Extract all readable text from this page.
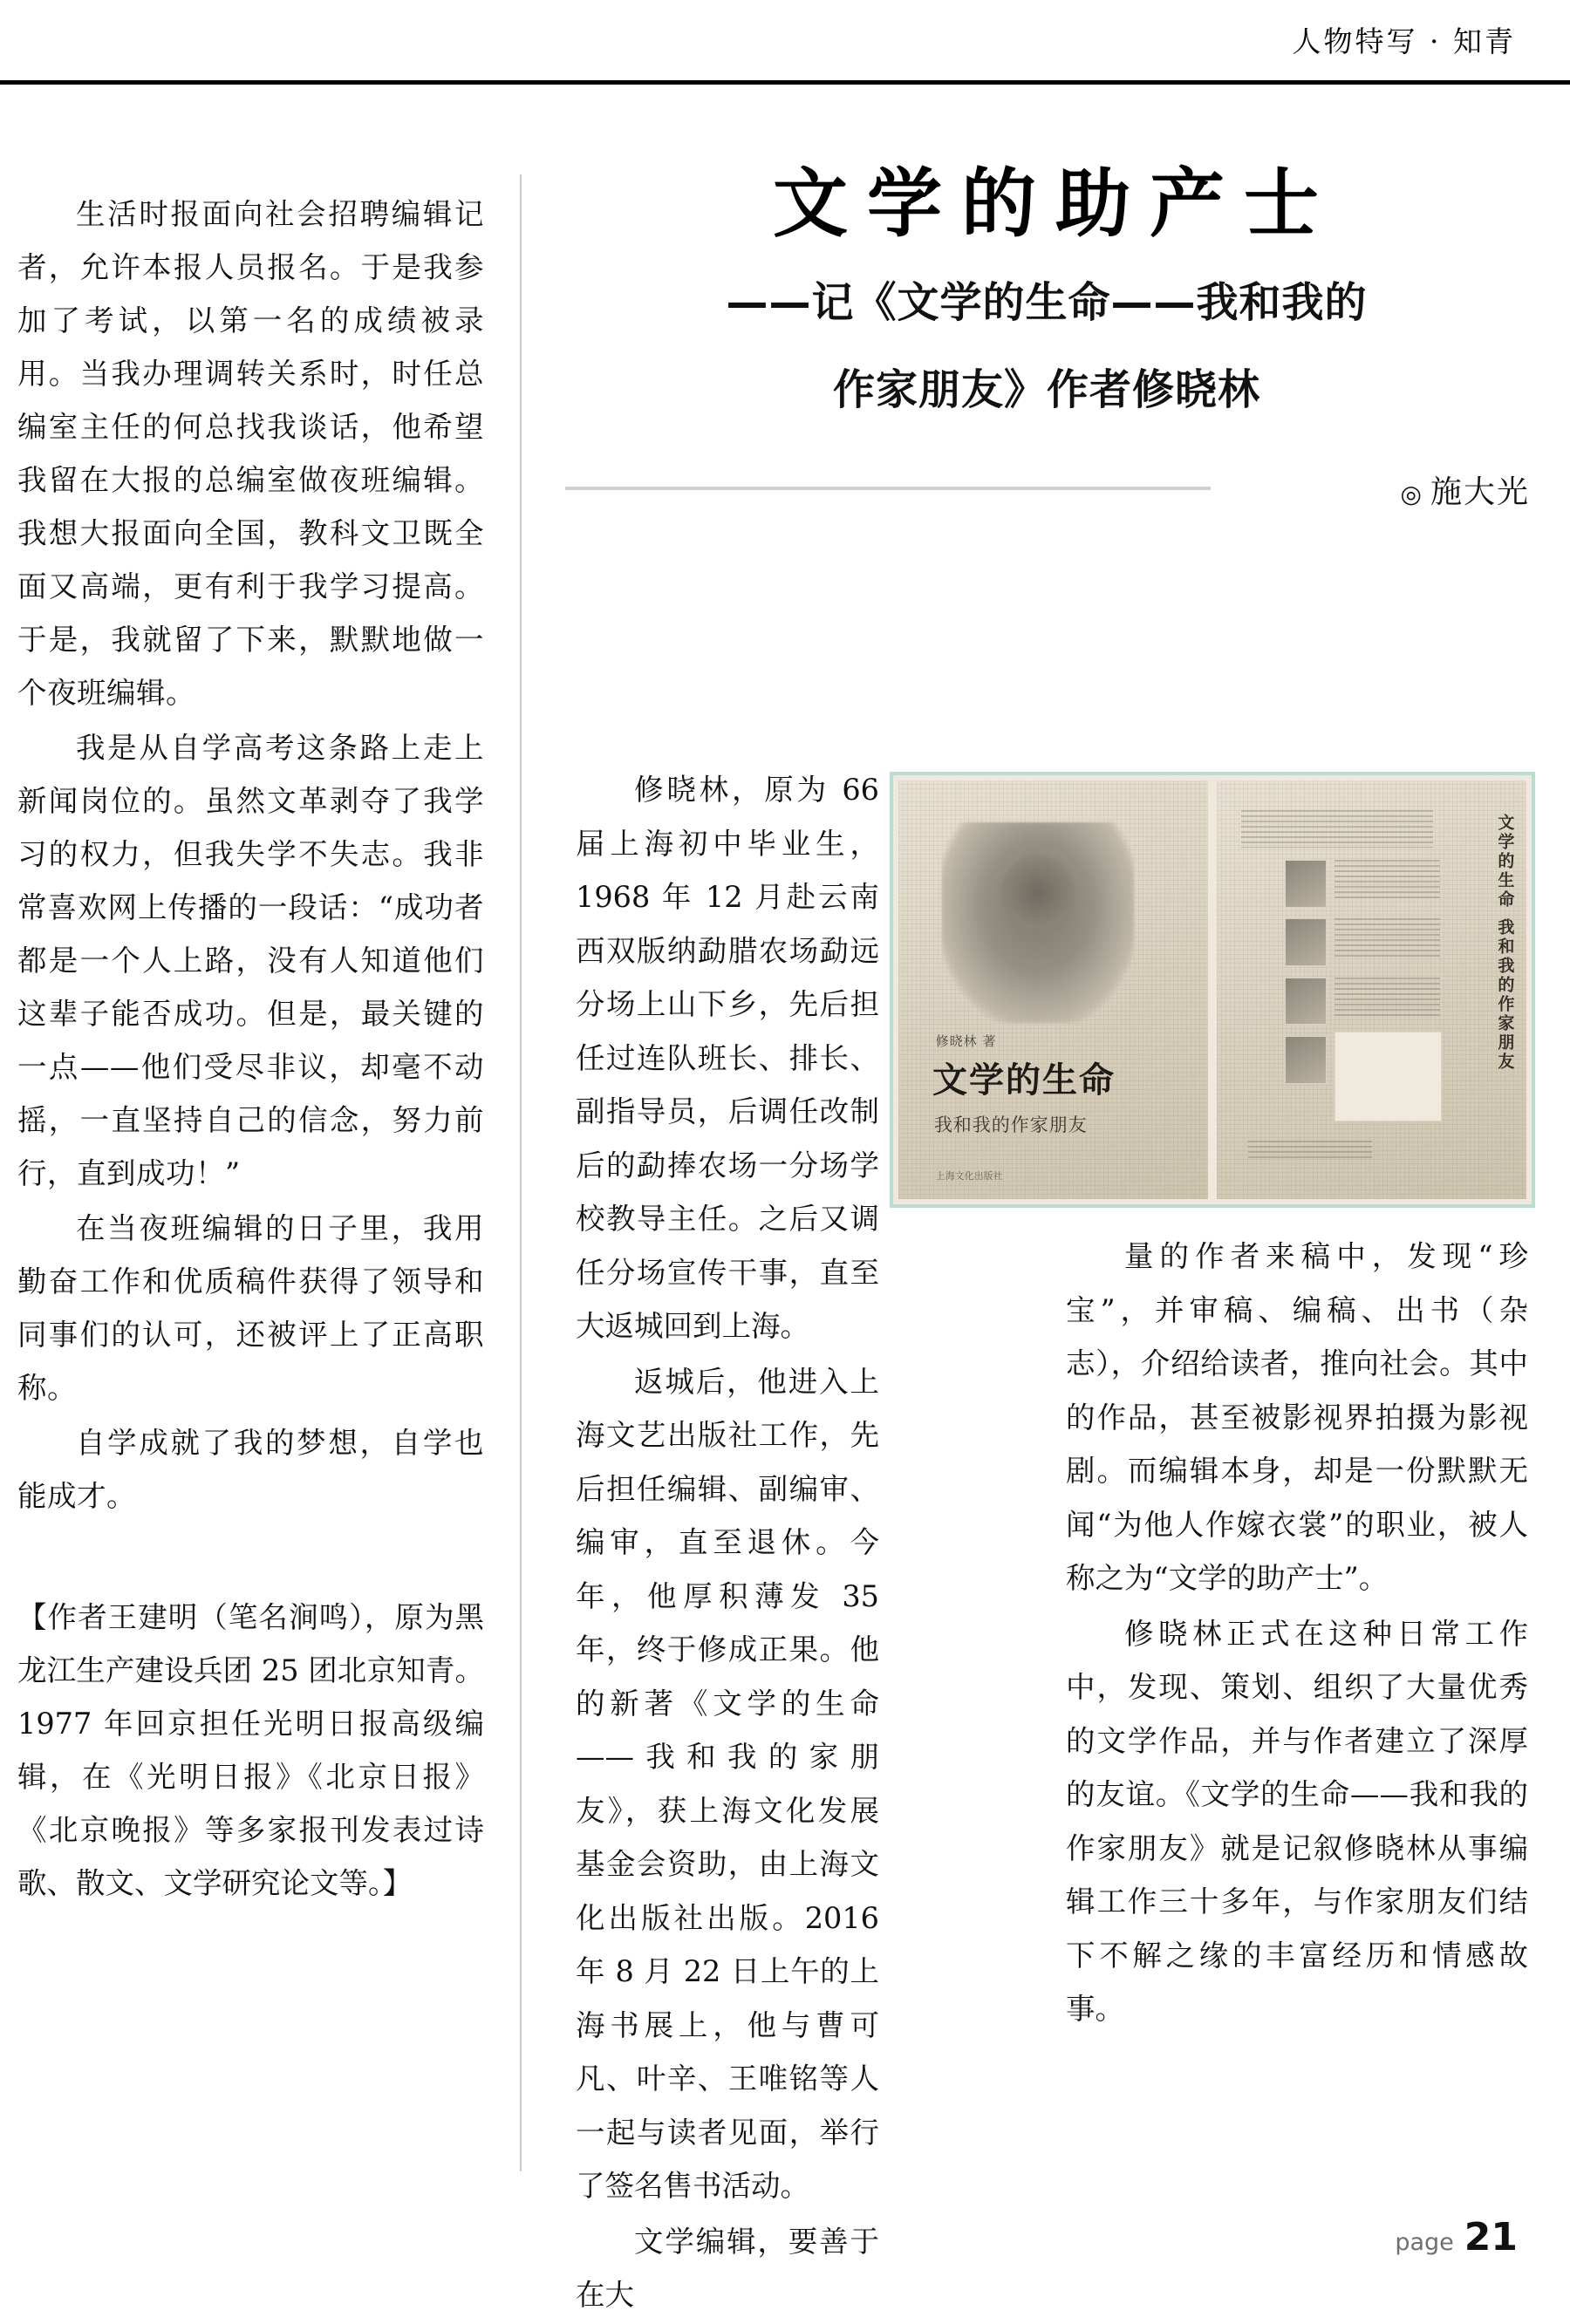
人物特写 · 知青

生活时报面向社会招聘编辑记者，允许本报人员报名。于是我参加了考试，以第一名的成绩被录用。当我办理调转关系时，时任总编室主任的何总找我谈话，他希望我留在大报的总编室做夜班编辑。我想大报面向全国，教科文卫既全面又高端，更有利于我学习提高。于是，我就留了下来，默默地做一个夜班编辑。

我是从自学高考这条路上走上新闻岗位的。虽然文革剥夺了我学习的权力，但我失学不失志。我非常喜欢网上传播的一段话：“成功者都是一个人上路，没有人知道他们这辈子能否成功。但是，最关键的一点——他们受尽非议，却毫不动摇，一直坚持自己的信念，努力前行，直到成功！”

在当夜班编辑的日子里，我用勤奋工作和优质稿件获得了领导和同事们的认可，还被评上了正高职称。

自学成就了我的梦想，自学也能成才。

【作者王建明（笔名涧鸣），原为黑龙江生产建设兵团 25 团北京知青。1977 年回京担任光明日报高级编辑，在《光明日报》《北京日报》《北京晚报》等多家报刊发表过诗歌、散文、文学研究论文等。】

文学的助产士
——记《文学的生命——我和我的
作家朋友》作者修晓林
◎ 施大光
修晓林 著
文学的生命
我和我的作家朋友
上海文化出版社
文学的生命 我和我的作家朋友

修晓林，原为 66 届上海初中毕业生，1968 年 12 月赴云南西双版纳勐腊农场勐远分场上山下乡，先后担任过连队班长、排长、副指导员，后调任改制后的勐捧农场一分场学校教导主任。之后又调任分场宣传干事，直至大返城回到上海。

返城后，他进入上海文艺出版社工作，先后担任编辑、副编审、编审，直至退休。今年，他厚积薄发 35 年，终于修成正果。他的新著《文学的生命——我和我的家朋友》，获上海文化发展基金会资助，由上海文化出版社出版。2016 年 8 月 22 日上午的上海书展上，他与曹可凡、叶辛、王唯铭等人一起与读者见面，举行了签名售书活动。

文学编辑，要善于在大

量的作者来稿中，发现“珍宝”，并审稿、编稿、出书（杂志），介绍给读者，推向社会。其中的作品，甚至被影视界拍摄为影视剧。而编辑本身，却是一份默默无闻“为他人作嫁衣裳”的职业，被人称之为“文学的助产士”。

修晓林正式在这种日常工作中，发现、策划、组织了大量优秀的文学作品，并与作者建立了深厚的友谊。《文学的生命——我和我的作家朋友》就是记叙修晓林从事编辑工作三十多年，与作家朋友们结下不解之缘的丰富经历和情感故事。

page 21
